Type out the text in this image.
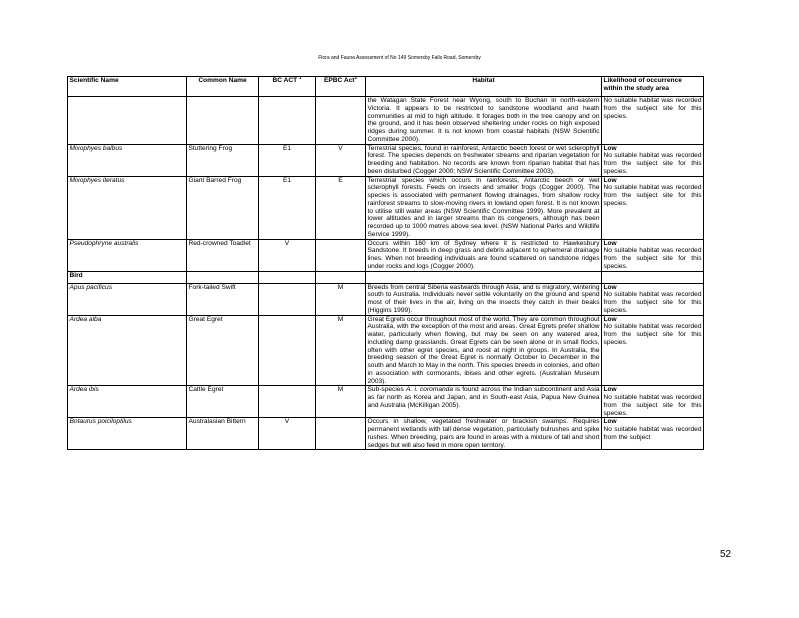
Flora and Fauna Assessment of No 149 Somersby Falls Road, Somersby
Scientific Name	Common Name	BC ACT $^1$	EPBC Act$^2$	Habitat	Likelihood of occurrence within the study area
				the Watagan State Forest near Wyong, south to Buchan in north-eastern Victoria. It appears to be restricted to sandstone woodland and heath communities at mid to high altitude. It forages both in the tree canopy and on the ground, and it has been observed sheltering under rocks on high exposed ridges during summer. It is not known from coastal habitats (NSW Scientific Committee 2000).	No suitable habitat was recorded from the subject site for this species.

Mixophyes balbus	Stuttering Frog	E1	V	Terrestrial species, found in rainforest, Antarctic beech forest or wet sclerophyll forest. The species depends on freshwater streams and riparian vegetation for breeding and habitation. No records are known from riparian habitat that has been disturbed (Cogger 2000; NSW Scientific Committee 2003).	Low
No suitable habitat was recorded from the subject site for this species.

Mixophyes iteratus	Giant Barred Frog	E1	E	Terrestrial species which occurs in rainforests, Antarctic beech or wet sclerophyll forests. Feeds on insects and smaller frogs (Cogger 2000). The species is associated with permanent flowing drainages, from shallow rocky rainforest streams to slow-moving rivers in lowland open forest. It is not known to utilise still water areas (NSW Scientific Committee 1999). More prevalent at lower altitudes and in larger streams than its congeners, although has been recorded up to 1000 metres above sea level. (NSW National Parks and Wildlife Service 1999).	Low
No suitable habitat was recorded from the subject site for this species.

Pseudophryne australis	Red-crowned Toadlet	V		Occurs within 160 km of Sydney where it is restricted to Hawkesbury Sandstone. It breeds in deep grass and debris adjacent to ephemeral drainage lines. When not breeding individuals are found scattered on sandstone ridges under rocks and logs (Cogger 2000).	Low
No suitable habitat was recorded from the subject site for this species.

Bird					
Apus pacificus	Fork-tailed Swift		M	Breeds from central Siberia eastwards through Asia, and is migratory, wintering south to Australia. Individuals never settle voluntarily on the ground and spend most of their lives in the air, living on the insects they catch in their beaks (Higgins 1999).	Low
No suitable habitat was recorded from the subject site for this species.

Ardea alba	Great Egret		M	Great Egrets occur throughout most of the world. They are common throughout Australia, with the exception of the most arid areas. Great Egrets prefer shallow water, particularly when flowing, but may be seen on any watered area, including damp grasslands. Great Egrets can be seen alone or in small flocks, often with other egret species, and roost at night in groups. In Australia, the breeding season of the Great Egret is normally October to December in the south and March to May in the north. This species breeds in colonies, and often in association with cormorants, ibises and other egrets. (Australian Museum 2003).	Low
No suitable habitat was recorded from the subject site for this species.

Ardea ibis	Cattle Egret		M	Sub-species A. i. coromanda is found across the Indian subcontinent and Asia as far north as Korea and Japan, and in South-east Asia, Papua New Guinea and Australia (McKilligan 2005).	Low
No suitable habitat was recorded from the subject site for this species.

Botaurus poiciloptilus	Australasian Bittern	V		Occurs in shallow, vegetated freshwater or brackish swamps. Requires permanent wetlands with tall dense vegetation, particularly bulrushes and spike rushes. When breeding, pairs are found in areas with a mixture of tall and short sedges but will also feed in more open territory.	Low
No suitable habitat was recorded from the subject
52
